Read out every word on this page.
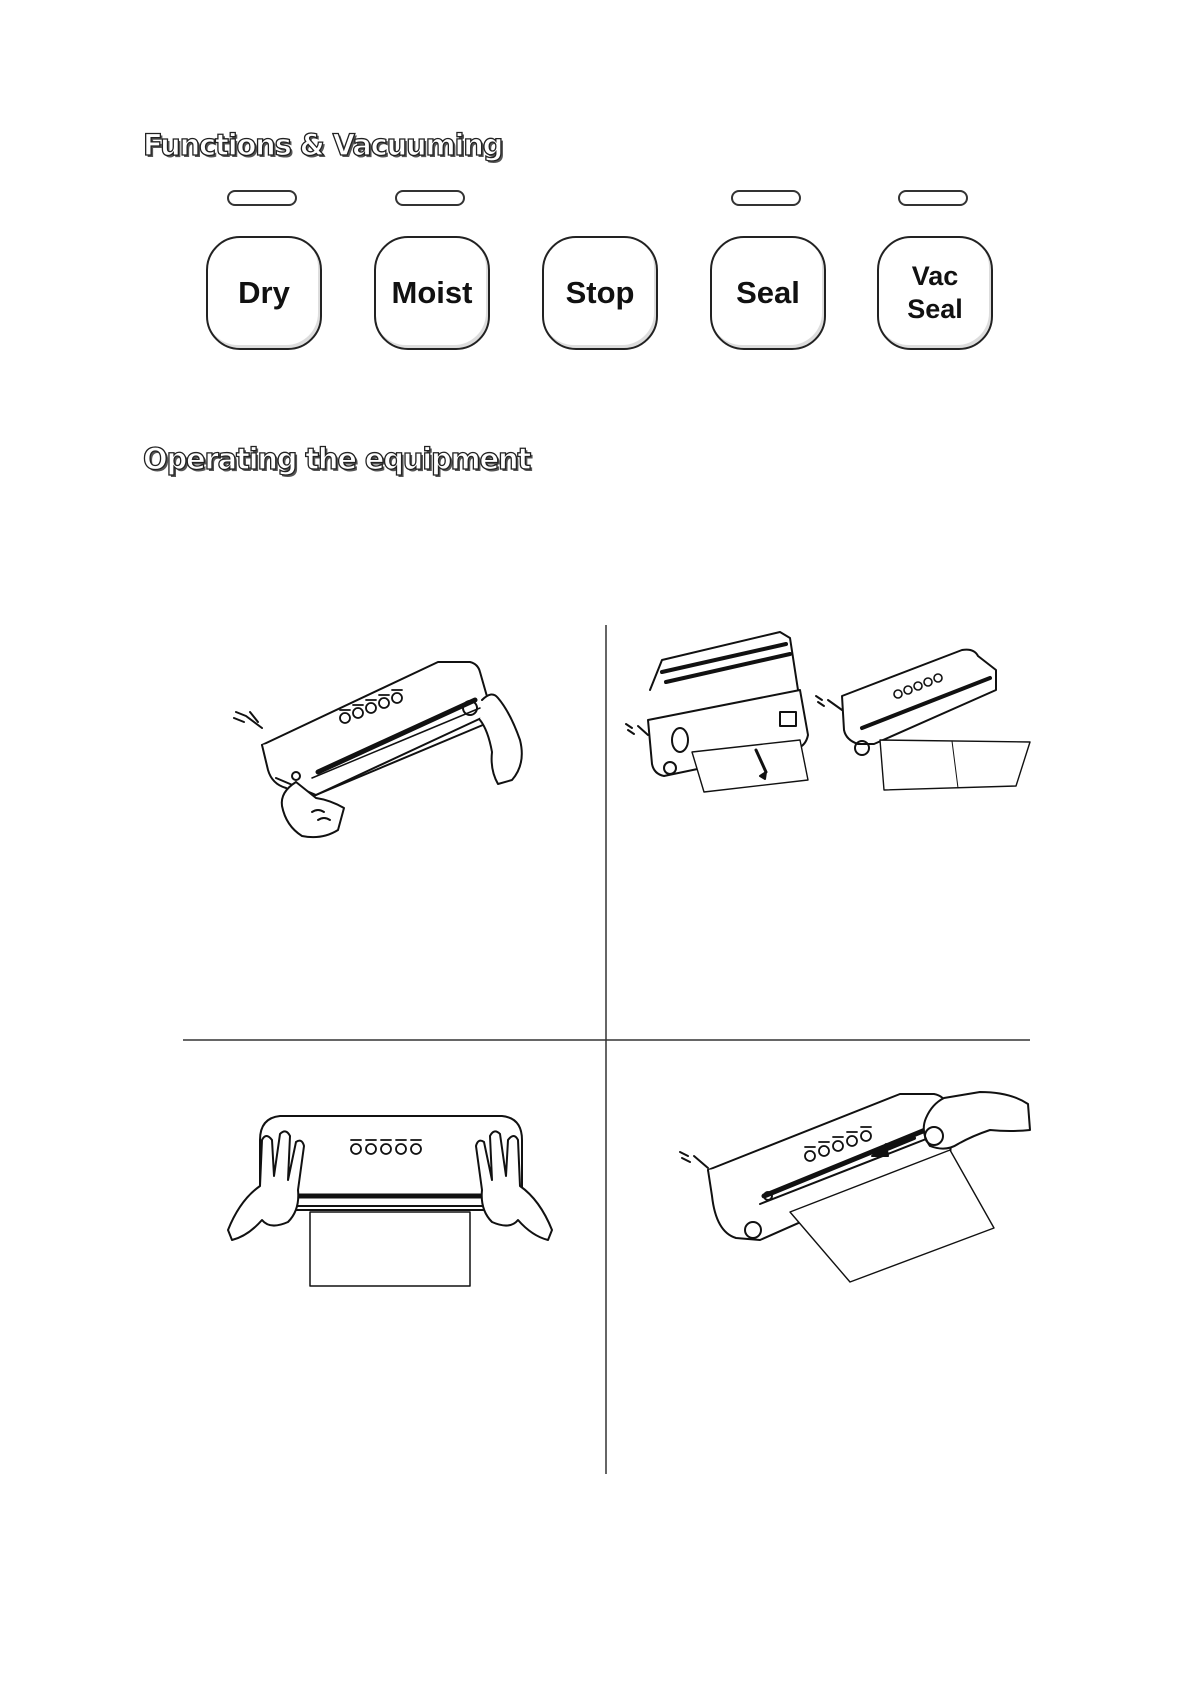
Functions & Vacuuming
Dry	Moist	Stop	Seal	Vac
Seal
Operating the equipment
